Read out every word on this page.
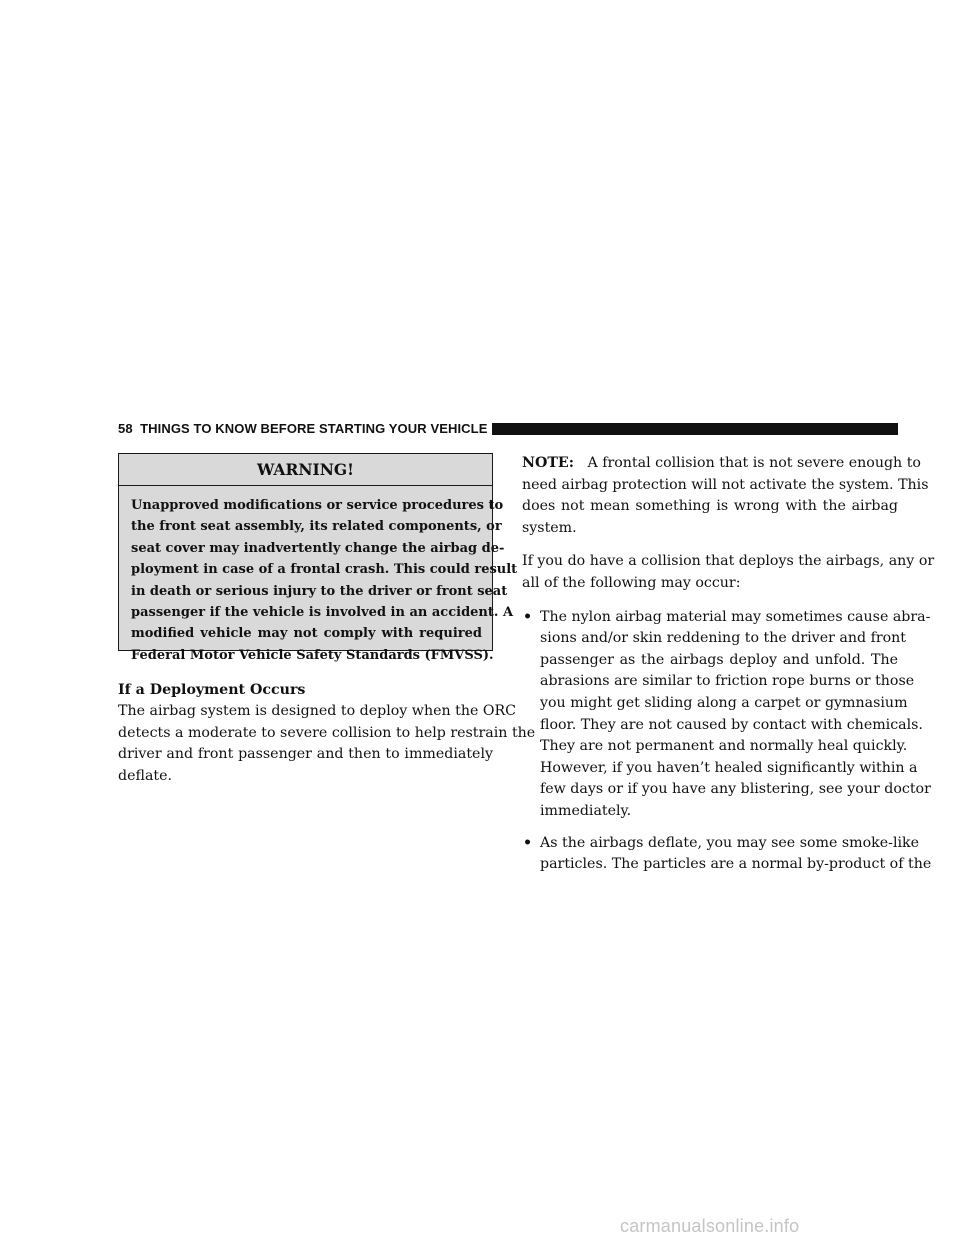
58 THINGS TO KNOW BEFORE STARTING YOUR VEHICLE
WARNING!
Unapproved modifications or service procedures to
the front seat assembly, its related components, or
seat cover may inadvertently change the airbag de-
ployment in case of a frontal crash. This could result
in death or serious injury to the driver or front seat
passenger if the vehicle is involved in an accident. A
modified vehicle may not comply with required
Federal Motor Vehicle Safety Standards (FMVSS).

If a Deployment Occurs

The airbag system is designed to deploy when the ORC
detects a moderate to severe collision to help restrain the
driver and front passenger and then to immediately
deflate.

NOTE: A frontal collision that is not severe enough to
need airbag protection will not activate the system. This
does not mean something is wrong with the airbag
system.

If you do have a collision that deploys the airbags, any or
all of the following may occur:

• The nylon airbag material may sometimes cause abra-
sions and/or skin reddening to the driver and front
passenger as the airbags deploy and unfold. The
abrasions are similar to friction rope burns or those
you might get sliding along a carpet or gymnasium
floor. They are not caused by contact with chemicals.
They are not permanent and normally heal quickly.
However, if you haven’t healed significantly within a
few days or if you have any blistering, see your doctor
immediately.
• As the airbags deflate, you may see some smoke-like
particles. The particles are a normal by-product of the
carmanualsonline.info
